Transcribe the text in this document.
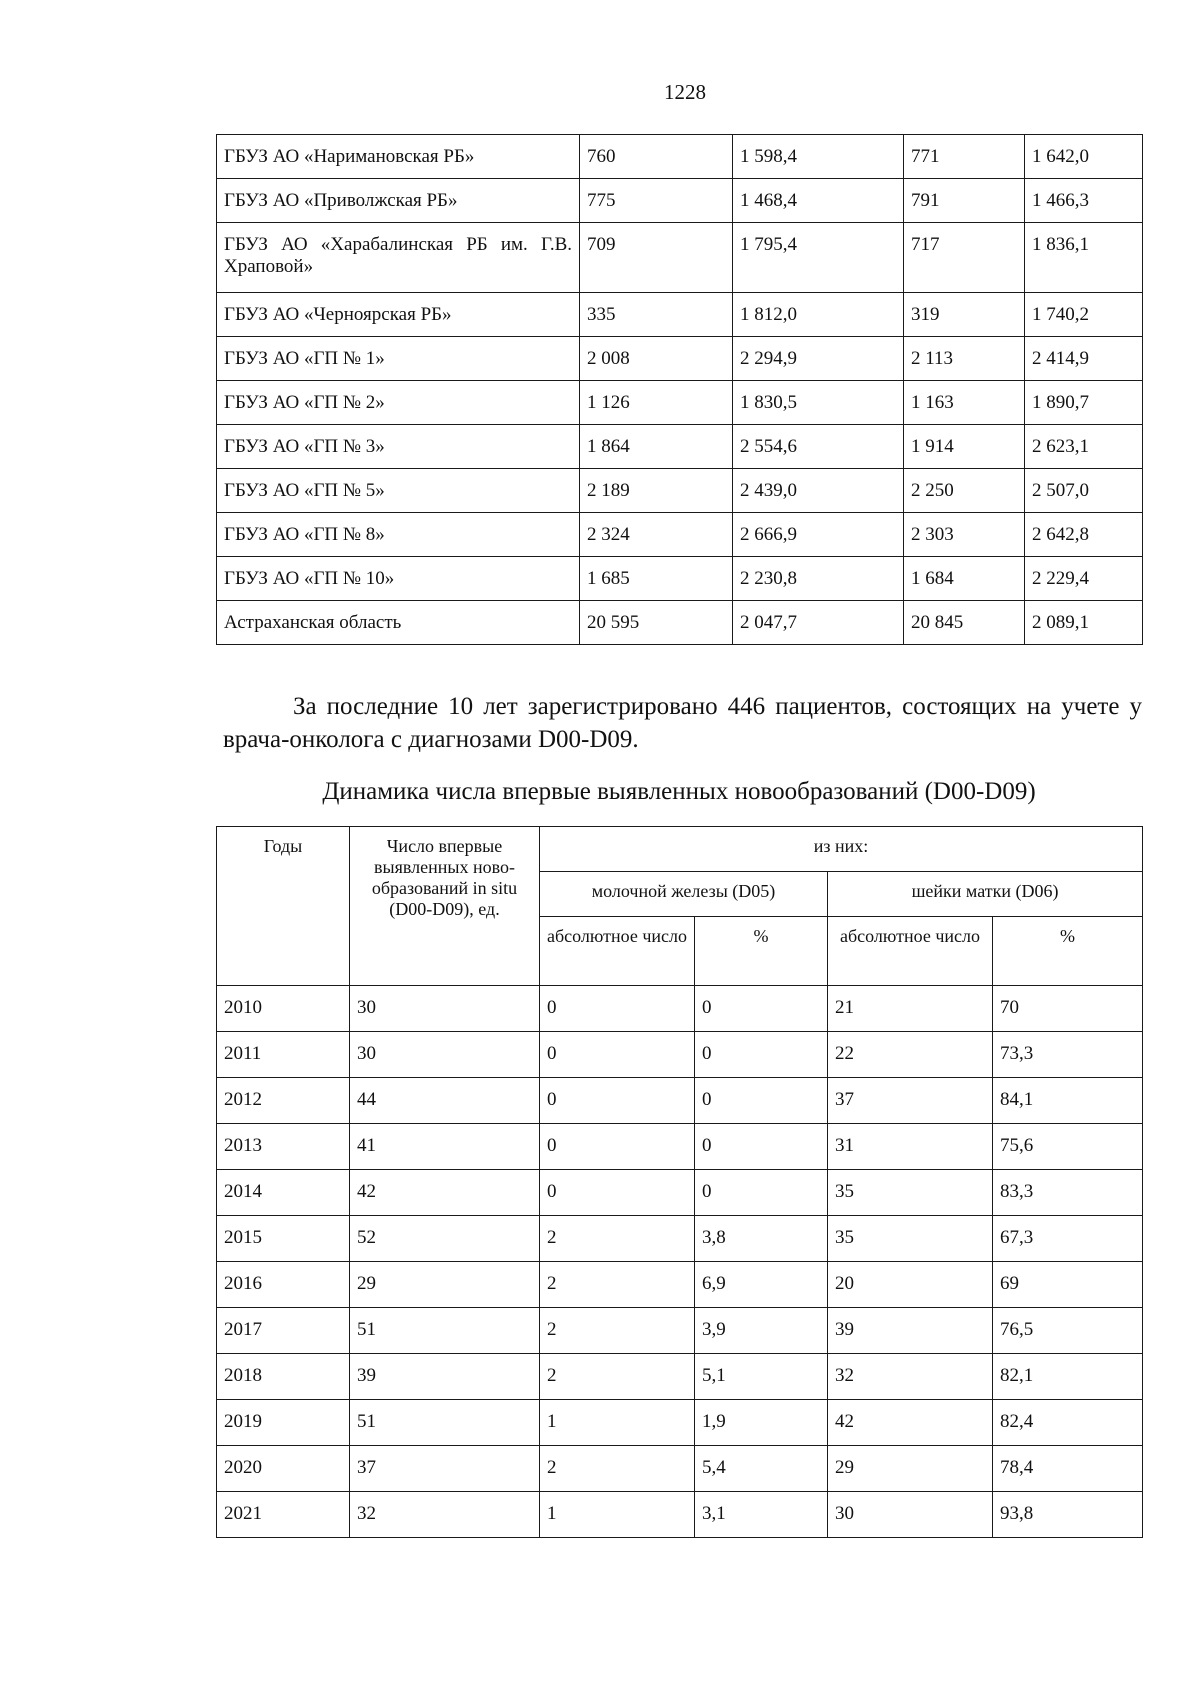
1228
ГБУЗ АО «Наримановская РБ»	760	1 598,4	771	1 642,0
ГБУЗ АО «Приволжская РБ»	775	1 468,4	791	1 466,3
ГБУЗ АО «Харабалинская РБ им. Г.В. Храповой»	709	1 795,4	717	1 836,1
ГБУЗ АО «Черноярская РБ»	335	1 812,0	319	1 740,2
ГБУЗ АО «ГП № 1»	2 008	2 294,9	2 113	2 414,9
ГБУЗ АО «ГП № 2»	1 126	1 830,5	1 163	1 890,7
ГБУЗ АО «ГП № 3»	1 864	2 554,6	1 914	2 623,1
ГБУЗ АО «ГП № 5»	2 189	2 439,0	2 250	2 507,0
ГБУЗ АО «ГП № 8»	2 324	2 666,9	2 303	2 642,8
ГБУЗ АО «ГП № 10»	1 685	2 230,8	1 684	2 229,4
Астраханская область	20 595	2 047,7	20 845	2 089,1

За последние 10 лет зарегистрировано 446 пациентов, состоящих на учете у врача-онколога с диагнозами D00-D09.

Динамика числа впервые выявленных новообразований (D00-D09)

Годы	Число впервые выявленных ново-образований in situ (D00-D09), ед.	из них:			
		молочной железы (D05)		шейки матки (D06)	
		абсолютное число	%	абсолютное число	%
2010	30	0	0	21	70
2011	30	0	0	22	73,3
2012	44	0	0	37	84,1
2013	41	0	0	31	75,6
2014	42	0	0	35	83,3
2015	52	2	3,8	35	67,3
2016	29	2	6,9	20	69
2017	51	2	3,9	39	76,5
2018	39	2	5,1	32	82,1
2019	51	1	1,9	42	82,4
2020	37	2	5,4	29	78,4
2021	32	1	3,1	30	93,8
